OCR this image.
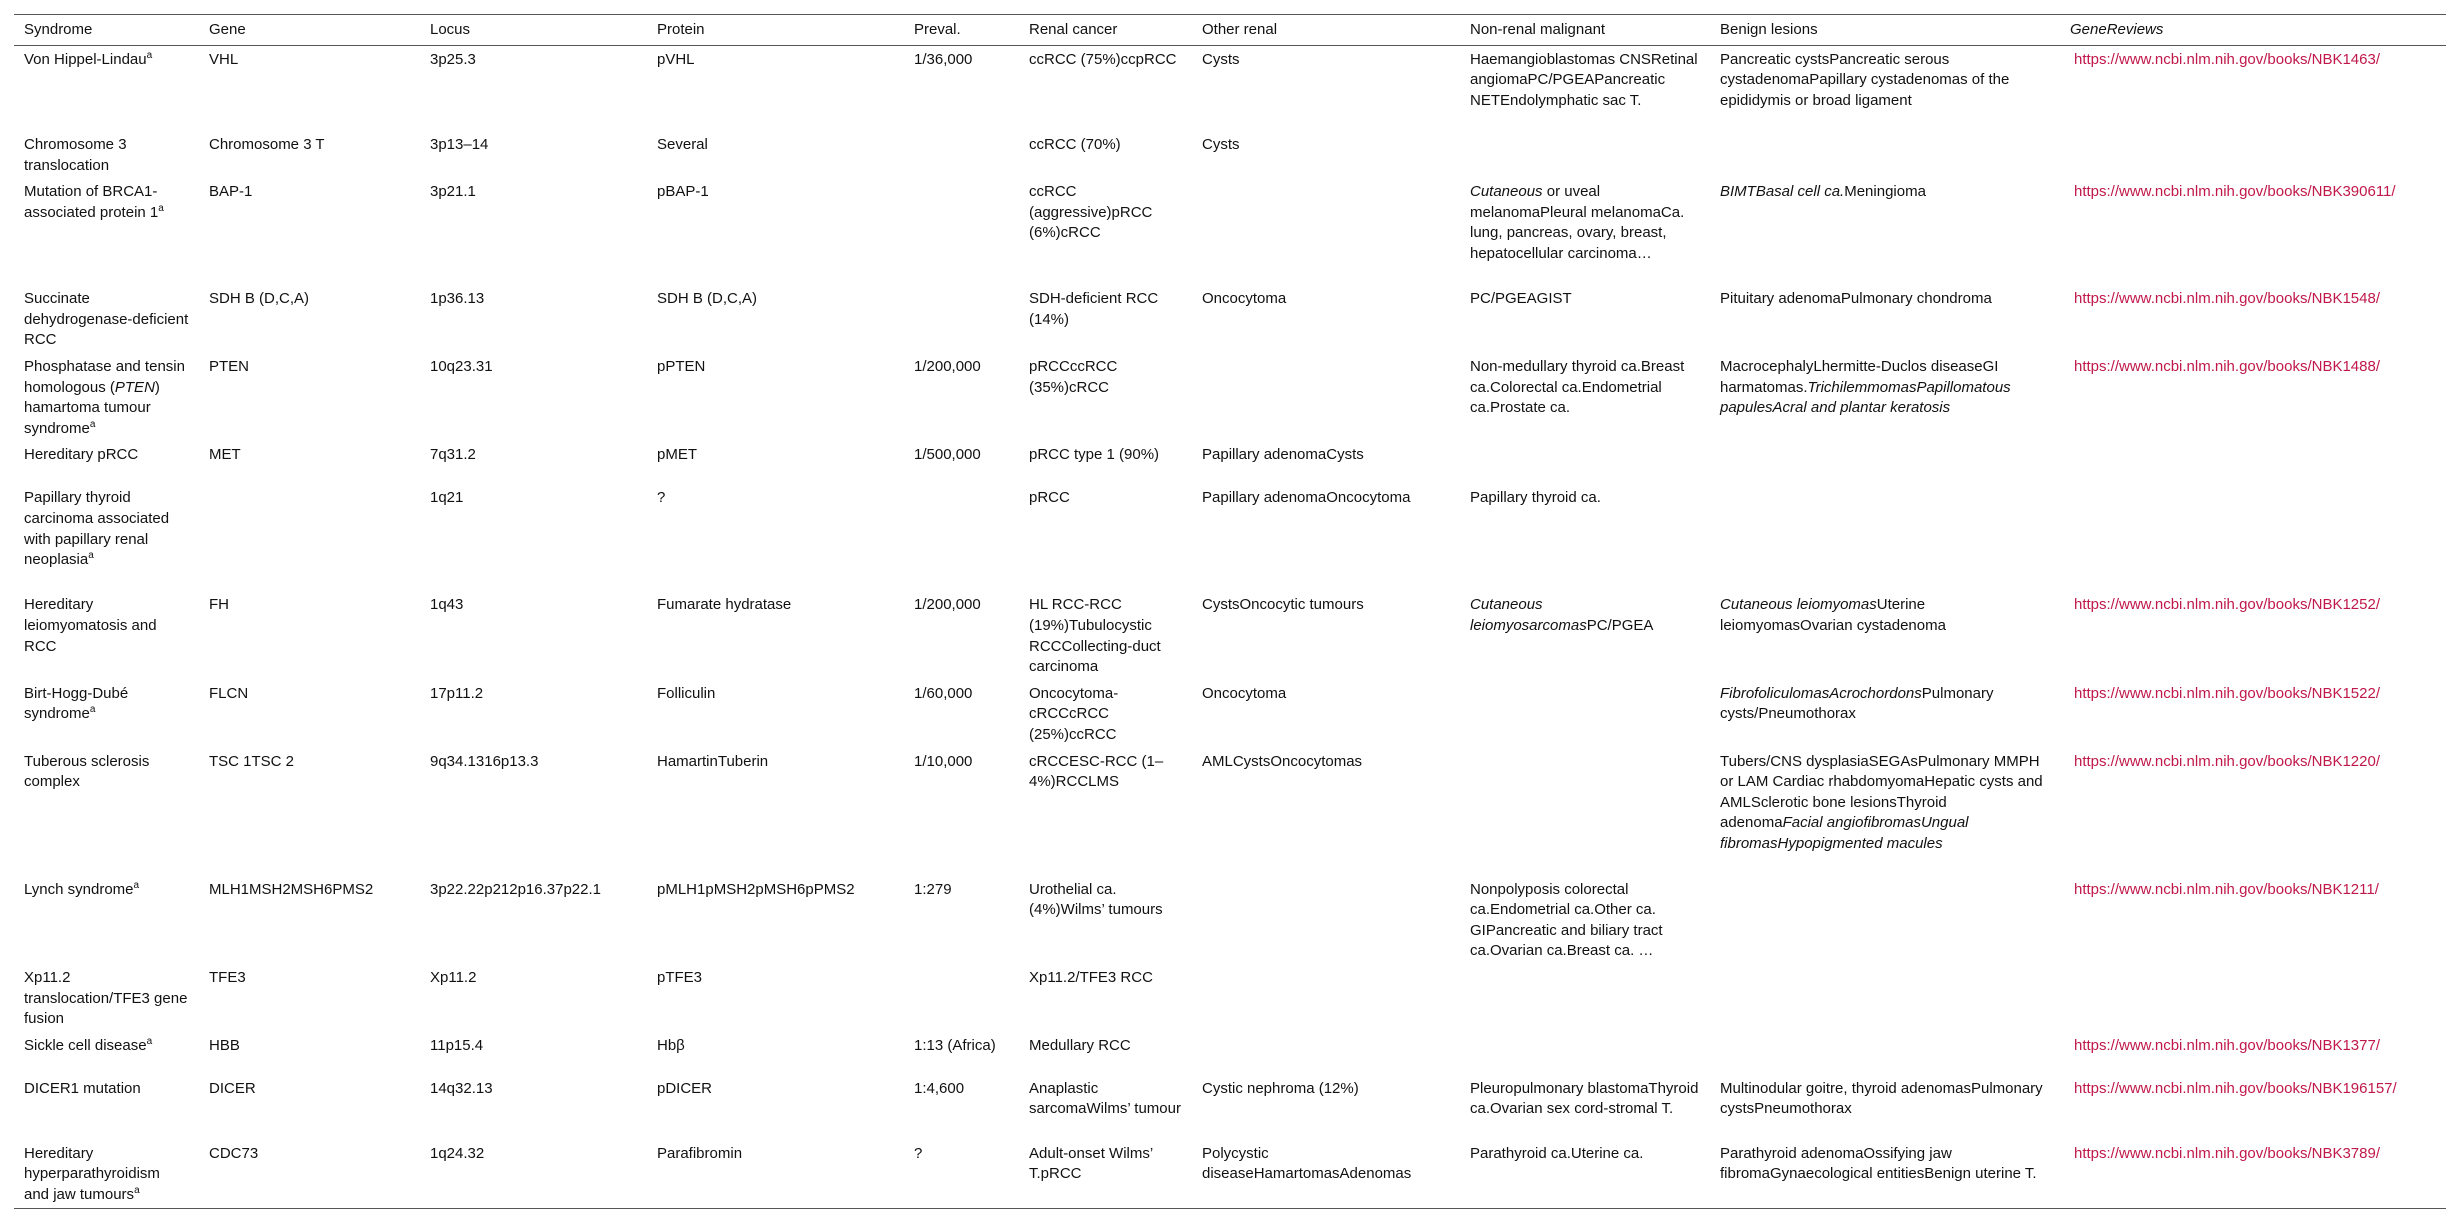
Syndrome	Gene	Locus	Protein	Preval.	Renal cancer	Other renal	Non-renal malignant	Benign lesions	GeneReviews
Von Hippel-Lindau$^a$	VHL	3p25.3	pVHL	1/36,000	ccRCC (75%)ccpRCC	Cysts	Haemangioblastomas CNSRetinal angiomaPC/PGEAPancreatic NETEndolymphatic sac T.	Pancreatic cystsPancreatic serous cystadenomaPapillary cystadenomas of the epididymis or broad ligament	https://www.ncbi.nlm.nih.gov/books/NBK1463/
Chromosome 3 translocation	Chromosome 3 T	3p13–14	Several		ccRCC (70%)	Cysts			
Mutation of BRCA1-associated protein 1$^a$	BAP-1	3p21.1	pBAP-1		ccRCC (aggressive)pRCC (6%)cRCC		Cutaneous or uveal melanomaPleural melanomaCa. lung, pancreas, ovary, breast, hepatocellular carcinoma…	BIMTBasal cell ca.Meningioma	https://www.ncbi.nlm.nih.gov/books/NBK390611/
Succinate dehydrogenase-deficient RCC	SDH B (D,C,A)	1p36.13	SDH B (D,C,A)		SDH-deficient RCC (14%)	Oncocytoma	PC/PGEAGIST	Pituitary adenomaPulmonary chondroma	https://www.ncbi.nlm.nih.gov/books/NBK1548/
Phosphatase and tensin homologous (PTEN) hamartoma tumour syndrome$^a$	PTEN	10q23.31	pPTEN	1/200,000	pRCCccRCC (35%)cRCC		Non-medullary thyroid ca.Breast ca.Colorectal ca.Endometrial ca.Prostate ca.	MacrocephalyLhermitte-Duclos diseaseGI harmatomas.TrichilemmomasPapillomatous papulesAcral and plantar keratosis	https://www.ncbi.nlm.nih.gov/books/NBK1488/
Hereditary pRCC	MET	7q31.2	pMET	1/500,000	pRCC type 1 (90%)	Papillary adenomaCysts			
Papillary thyroid carcinoma associated with papillary renal neoplasia$^a$		1q21	?		pRCC	Papillary adenomaOncocytoma	Papillary thyroid ca.		
Hereditary leiomyomatosis and RCC	FH	1q43	Fumarate hydratase	1/200,000	HL RCC-RCC (19%)Tubulocystic RCCCollecting-duct carcinoma	CystsOncocytic tumours	Cutaneous leiomyosarcomasPC/PGEA	Cutaneous leiomyomasUterine leiomyomasOvarian cystadenoma	https://www.ncbi.nlm.nih.gov/books/NBK1252/
Birt-Hogg-Dubé syndrome$^a$	FLCN	17p11.2	Folliculin	1/60,000	Oncocytoma-cRCCcRCC (25%)ccRCC	Oncocytoma		FibrofoliculomasAcrochordonsPulmonary cysts/Pneumothorax	https://www.ncbi.nlm.nih.gov/books/NBK1522/
Tuberous sclerosis complex	TSC 1TSC 2	9q34.1316p13.3	HamartinTuberin	1/10,000	cRCCESC-RCC (1–4%)RCCLMS	AMLCystsOncocytomas		Tubers/CNS dysplasiaSEGAsPulmonary MMPH or LAM Cardiac rhabdomyomaHepatic cysts and AMLSclerotic bone lesionsThyroid adenomaFacial angiofibromasUngual fibromasHypopigmented macules	https://www.ncbi.nlm.nih.gov/books/NBK1220/
Lynch syndrome$^a$	MLH1MSH2MSH6PMS2	3p22.22p212p16.37p22.1	pMLH1pMSH2pMSH6pPMS2	1:279	Urothelial ca. (4%)Wilms’ tumours		Nonpolyposis colorectal ca.Endometrial ca.Other ca. GIPancreatic and biliary tract ca.Ovarian ca.Breast ca. …		https://www.ncbi.nlm.nih.gov/books/NBK1211/
Xp11.2 translocation/TFE3 gene fusion	TFE3	Xp11.2	pTFE3		Xp11.2/TFE3 RCC				
Sickle cell disease$^a$	HBB	11p15.4	Hbβ	1:13 (Africa)	Medullary RCC				https://www.ncbi.nlm.nih.gov/books/NBK1377/
DICER1 mutation	DICER	14q32.13	pDICER	1:4,600	Anaplastic sarcomaWilms’ tumour	Cystic nephroma (12%)	Pleuropulmonary blastomaThyroid ca.Ovarian sex cord-stromal T.	Multinodular goitre, thyroid adenomasPulmonary cystsPneumothorax	https://www.ncbi.nlm.nih.gov/books/NBK196157/
Hereditary hyperparathyroidism and jaw tumours$^a$	CDC73	1q24.32	Parafibromin	?	Adult-onset Wilms’ T.pRCC	Polycystic diseaseHamartomasAdenomas	Parathyroid ca.Uterine ca.	Parathyroid adenomaOssifying jaw fibromaGynaecological entitiesBenign uterine T.	https://www.ncbi.nlm.nih.gov/books/NBK3789/
